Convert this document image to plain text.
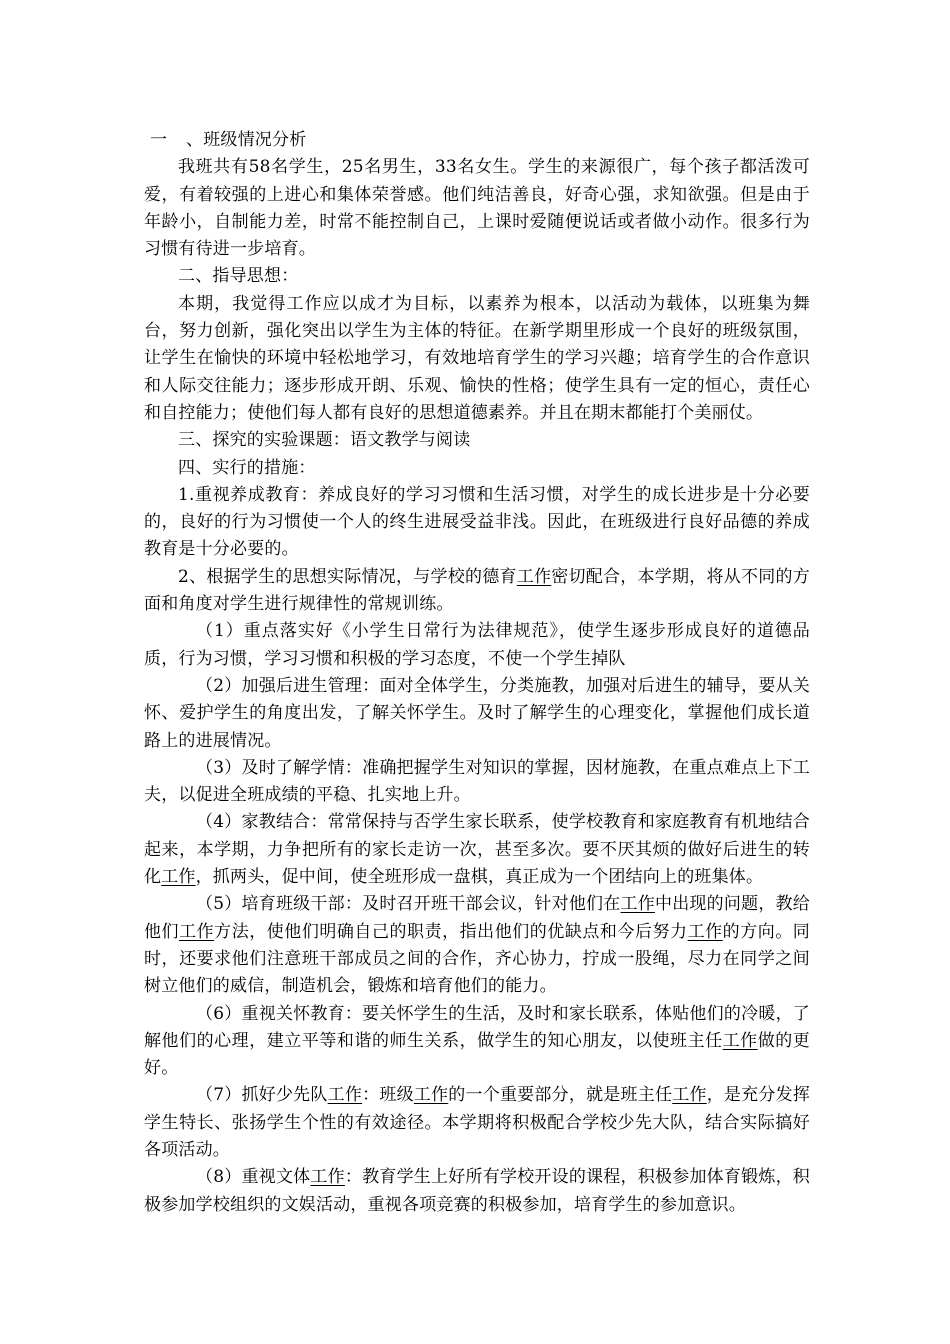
一 、班级情况分析

我班共有58名学生，25名男生，33名女生。学生的来源很广，每个孩子都活泼可爱，有着较强的上进心和集体荣誉感。他们纯洁善良，好奇心强，求知欲强。但是由于年龄小，自制能力差，时常不能控制自己，上课时爱随便说话或者做小动作。很多行为习惯有待进一步培育。

二、指导思想：

本期，我觉得工作应以成才为目标，以素养为根本，以活动为载体，以班集为舞台，努力创新，强化突出以学生为主体的特征。在新学期里形成一个良好的班级氛围，让学生在愉快的环境中轻松地学习，有效地培育学生的学习兴趣；培育学生的合作意识和人际交往能力；逐步形成开朗、乐观、愉快的性格；使学生具有一定的恒心，责任心和自控能力；使他们每人都有良好的思想道德素养。并且在期末都能打个美丽仗。

三、探究的实验课题：语文教学与阅读

四、实行的措施：

1.重视养成教育：养成良好的学习习惯和生活习惯，对学生的成长进步是十分必要的，良好的行为习惯使一个人的终生进展受益非浅。因此，在班级进行良好品德的养成教育是十分必要的。

2、根据学生的思想实际情况，与学校的德育工作密切配合，本学期，将从不同的方面和角度对学生进行规律性的常规训练。

（1）重点落实好《小学生日常行为法律规范》，使学生逐步形成良好的道德品质，行为习惯，学习习惯和积极的学习态度，不使一个学生掉队

（2）加强后进生管理：面对全体学生，分类施教，加强对后进生的辅导，要从关怀、爱护学生的角度出发，了解关怀学生。及时了解学生的心理变化，掌握他们成长道路上的进展情况。

（3）及时了解学情：准确把握学生对知识的掌握，因材施教，在重点难点上下工夫，以促进全班成绩的平稳、扎实地上升。

（4）家教结合：常常保持与否学生家长联系，使学校教育和家庭教育有机地结合起来，本学期，力争把所有的家长走访一次，甚至多次。要不厌其烦的做好后进生的转化工作，抓两头，促中间，使全班形成一盘棋，真正成为一个团结向上的班集体。

（5）培育班级干部：及时召开班干部会议，针对他们在工作中出现的问题，教给他们工作方法，使他们明确自己的职责，指出他们的优缺点和今后努力工作的方向。同时，还要求他们注意班干部成员之间的合作，齐心协力，拧成一股绳，尽力在同学之间树立他们的威信，制造机会，锻炼和培育他们的能力。

（6）重视关怀教育：要关怀学生的生活，及时和家长联系，体贴他们的冷暖，了解他们的心理，建立平等和谐的师生关系，做学生的知心朋友，以使班主任工作做的更好。

（7）抓好少先队工作：班级工作的一个重要部分，就是班主任工作，是充分发挥学生特长、张扬学生个性的有效途径。本学期将积极配合学校少先大队，结合实际搞好各项活动。

（8）重视文体工作：教育学生上好所有学校开设的课程，积极参加体育锻炼，积极参加学校组织的文娱活动，重视各项竞赛的积极参加，培育学生的参加意识。
